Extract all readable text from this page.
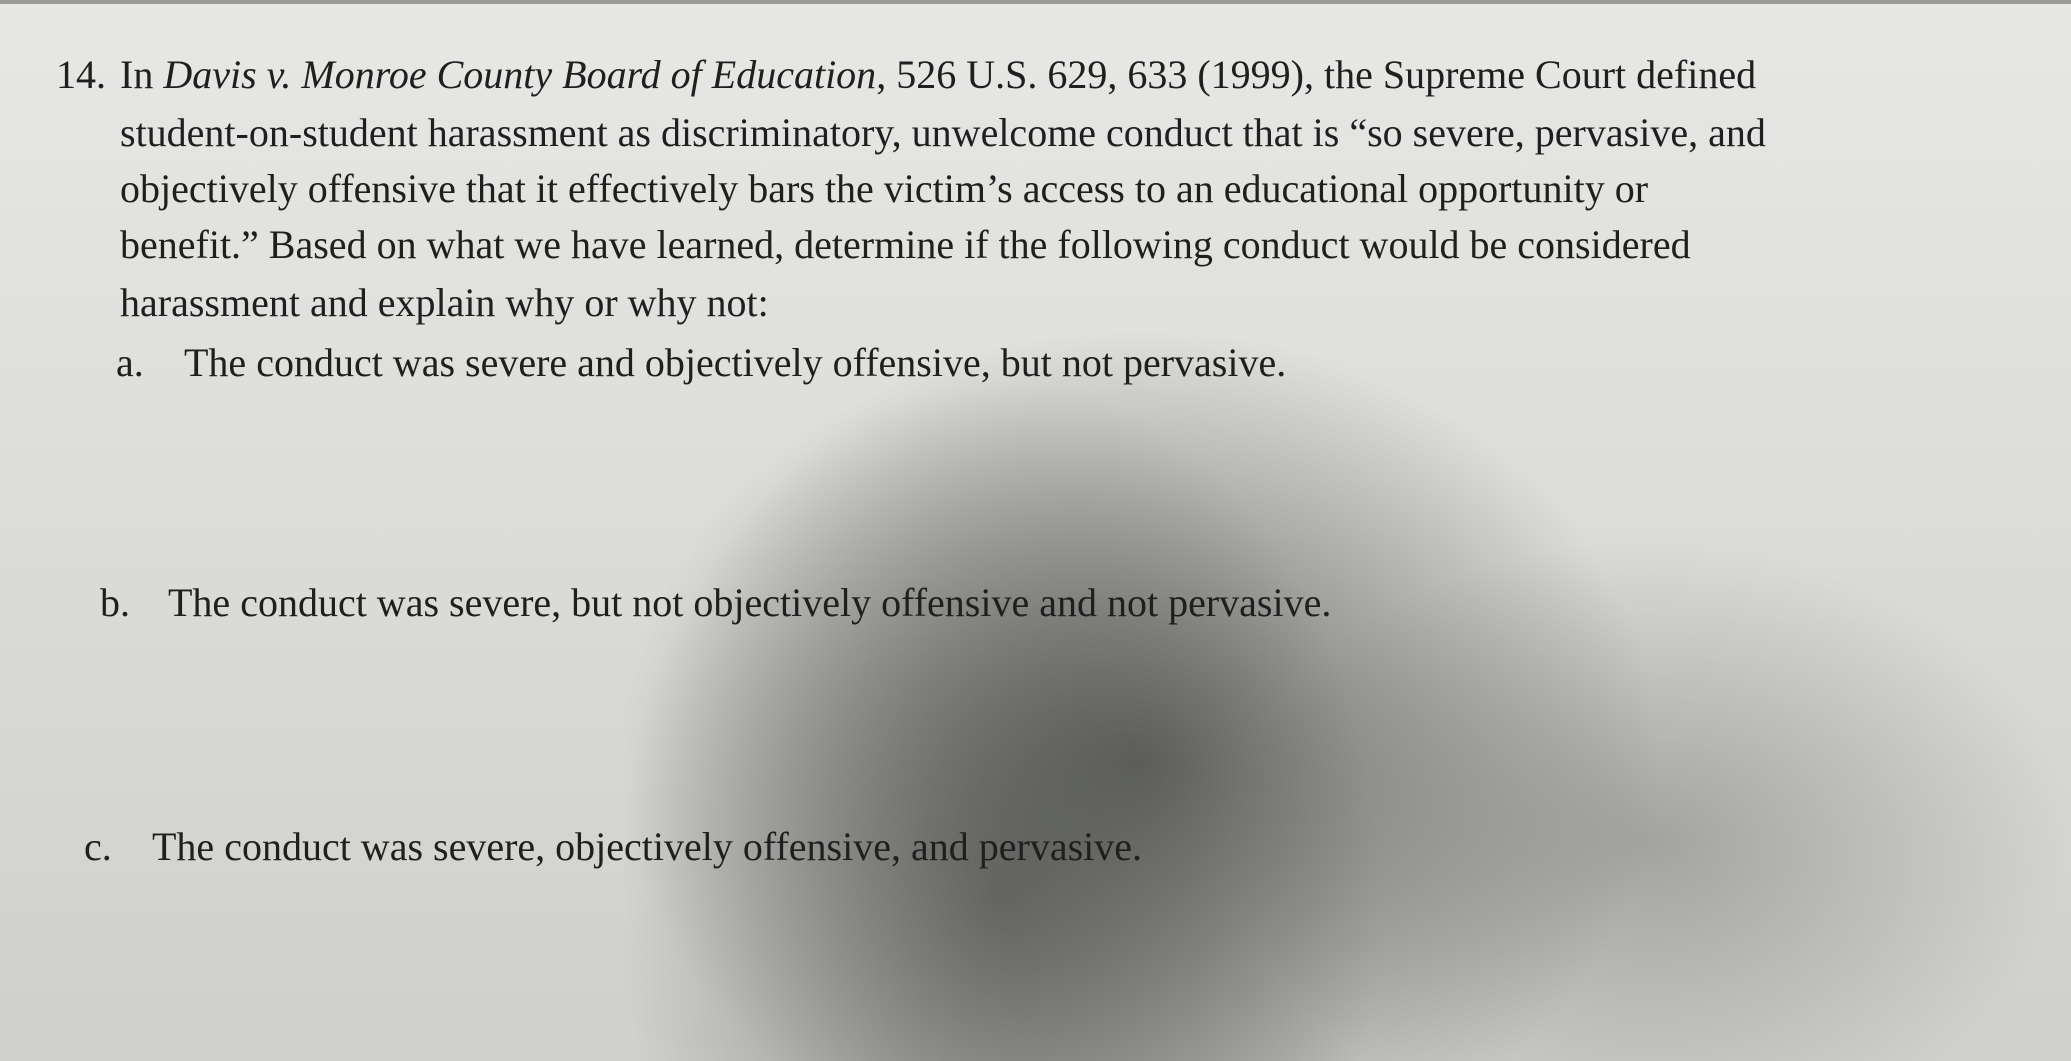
14. In Davis v. Monroe County Board of Education, 526 U.S. 629, 633 (1999), the Supreme Court defined
student-on-student harassment as discriminatory, unwelcome conduct that is “so severe, pervasive, and
objectively offensive that it effectively bars the victim’s access to an educational opportunity or
benefit.” Based on what we have learned, determine if the following conduct would be considered
harassment and explain why or why not:
a. The conduct was severe and objectively offensive, but not pervasive.
b. The conduct was severe, but not objectively offensive and not pervasive.
c. The conduct was severe, objectively offensive, and pervasive.
